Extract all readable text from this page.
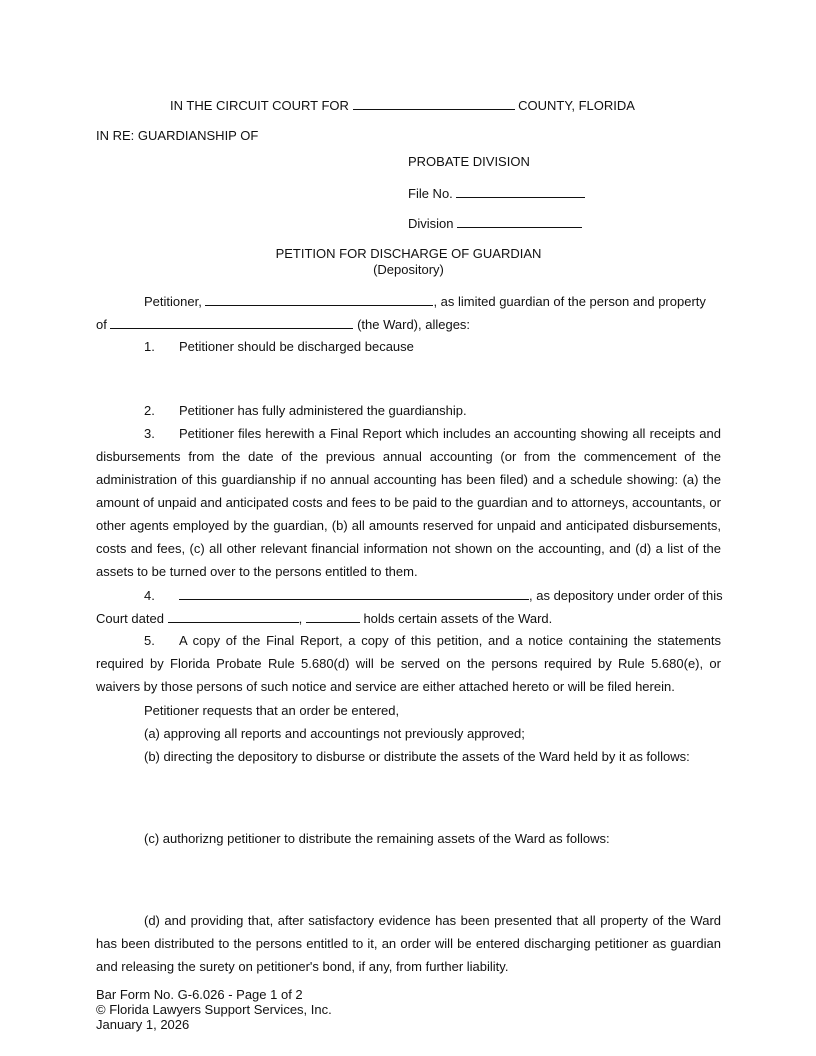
IN THE CIRCUIT COURT FOR	COUNTY, FLORIDA
IN RE: GUARDIANSHIP OF
PROBATE DIVISION
File No.
Division
PETITION FOR DISCHARGE OF GUARDIAN
(Depository)
Petitioner,	, as limited guardian of the person and property
of	(the Ward), alleges:
1. Petitioner should be discharged because
2. Petitioner has fully administered the guardianship.
3. Petitioner files herewith a Final Report which includes an accounting showing all receipts and disbursements from the date of the previous annual accounting (or from the commencement of the administration of this guardianship if no annual accounting has been filed) and a schedule showing: (a) the amount of unpaid and anticipated costs and fees to be paid to the guardian and to attorneys, accountants, or other agents employed by the guardian, (b) all amounts reserved for unpaid and anticipated disbursements, costs and fees, (c) all other relevant financial information not shown on the accounting, and (d) a list of the assets to be turned over to the persons entitled to them.
4.	, as depository under order of this
Court dated	,	holds certain assets of the Ward.
5. A copy of the Final Report, a copy of this petition, and a notice containing the statements required by Florida Probate Rule 5.680(d) will be served on the persons required by Rule 5.680(e), or waivers by those persons of such notice and service are either attached hereto or will be filed herein.
Petitioner requests that an order be entered,
(a) approving all reports and accountings not previously approved;
(b) directing the depository to disburse or distribute the assets of the Ward held by it as follows:
(c) authorizng petitioner to distribute the remaining assets of the Ward as follows:
(d) and providing that, after satisfactory evidence has been presented that all property of the Ward has been distributed to the persons entitled to it, an order will be entered discharging petitioner as guardian and releasing the surety on petitioner's bond, if any, from further liability.
Bar Form No. G-6.026 - Page 1 of 2
© Florida Lawyers Support Services, Inc.
January 1, 2026
